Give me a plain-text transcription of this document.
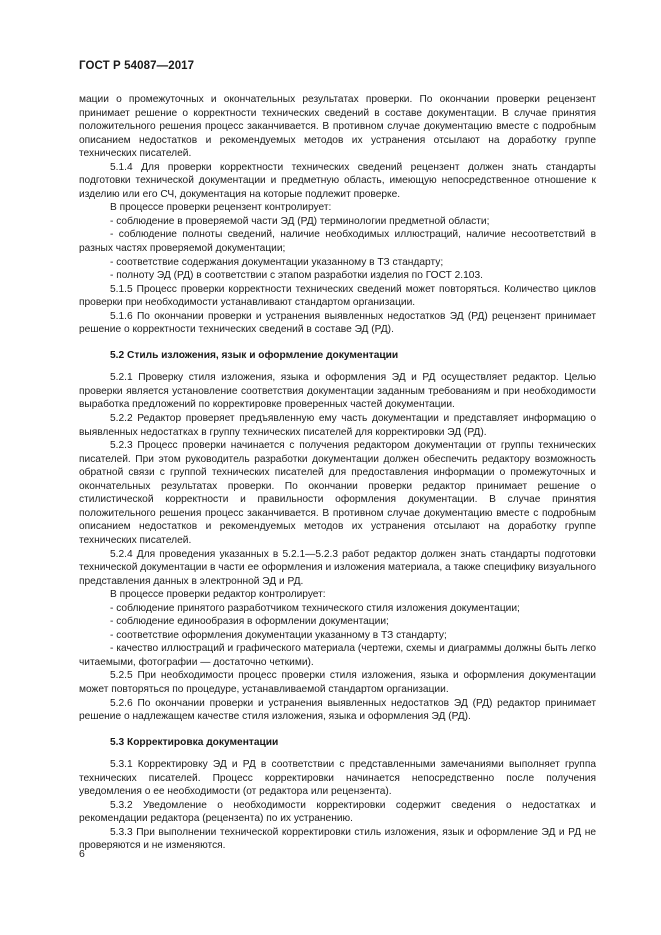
ГОСТ Р 54087—2017

мации о промежуточных и окончательных результатах проверки. По окончании проверки рецензент принимает решение о корректности технических сведений в составе документации. В случае принятия положительного решения процесс заканчивается. В противном случае документацию вместе с подробным описанием недостатков и рекомендуемых методов их устранения отсылают на доработку группе технических писателей.

5.1.4 Для проверки корректности технических сведений рецензент должен знать стандарты подготовки технической документации и предметную область, имеющую непосредственное отношение к изделию или его СЧ, документация на которые подлежит проверке.

В процессе проверки рецензент контролирует:

- соблюдение в проверяемой части ЭД (РД) терминологии предметной области;

- соблюдение полноты сведений, наличие необходимых иллюстраций, наличие несоответствий в разных частях проверяемой документации;

- соответствие содержания документации указанному в ТЗ стандарту;

- полноту ЭД (РД) в соответствии с этапом разработки изделия по ГОСТ 2.103.

5.1.5 Процесс проверки корректности технических сведений может повторяться. Количество циклов проверки при необходимости устанавливают стандартом организации.

5.1.6 По окончании проверки и устранения выявленных недостатков ЭД (РД) рецензент принимает решение о корректности технических сведений в составе ЭД (РД).

5.2 Стиль изложения, язык и оформление документации

5.2.1 Проверку стиля изложения, языка и оформления ЭД и РД осуществляет редактор. Целью проверки является установление соответствия документации заданным требованиям и при необходимости выработка предложений по корректировке проверенных частей документации.

5.2.2 Редактор проверяет предъявленную ему часть документации и представляет информацию о выявленных недостатках в группу технических писателей для корректировки ЭД (РД).

5.2.3 Процесс проверки начинается с получения редактором документации от группы технических писателей. При этом руководитель разработки документации должен обеспечить редактору возможность обратной связи с группой технических писателей для предоставления информации о промежуточных и окончательных результатах проверки. По окончании проверки редактор принимает решение о стилистической корректности и правильности оформления документации. В случае принятия положительного решения процесс заканчивается. В противном случае документацию вместе с подробным описанием недостатков и рекомендуемых методов их устранения отсылают на доработку группе технических писателей.

5.2.4 Для проведения указанных в 5.2.1—5.2.3 работ редактор должен знать стандарты подготовки технической документации в части ее оформления и изложения материала, а также специфику визуального представления данных в электронной ЭД и РД.

В процессе проверки редактор контролирует:

- соблюдение принятого разработчиком технического стиля изложения документации;

- соблюдение единообразия в оформлении документации;

- соответствие оформления документации указанному в ТЗ стандарту;

- качество иллюстраций и графического материала (чертежи, схемы и диаграммы должны быть легко читаемыми, фотографии — достаточно четкими).

5.2.5 При необходимости процесс проверки стиля изложения, языка и оформления документации может повторяться по процедуре, устанавливаемой стандартом организации.

5.2.6 По окончании проверки и устранения выявленных недостатков ЭД (РД) редактор принимает решение о надлежащем качестве стиля изложения, языка и оформления ЭД (РД).

5.3 Корректировка документации

5.3.1 Корректировку ЭД и РД в соответствии с представленными замечаниями выполняет группа технических писателей. Процесс корректировки начинается непосредственно после получения уведомления о ее необходимости (от редактора или рецензента).

5.3.2 Уведомление о необходимости корректировки содержит сведения о недостатках и рекомендации редактора (рецензента) по их устранению.

5.3.3 При выполнении технической корректировки стиль изложения, язык и оформление ЭД и РД не проверяются и не изменяются.

6
